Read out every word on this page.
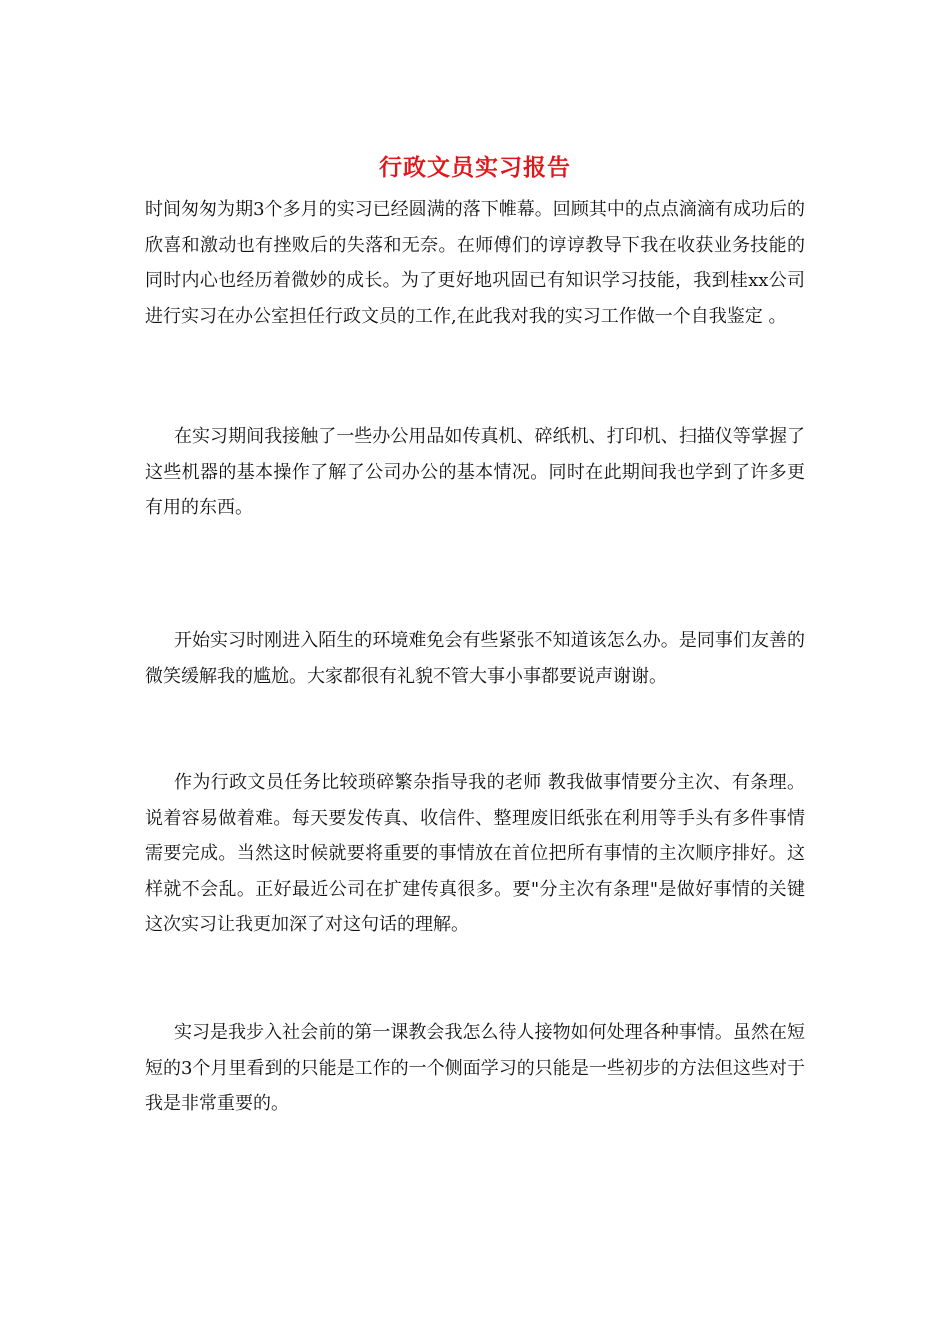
行政文员实习报告

时间匆匆为期3个多月的实习已经圆满的落下帷幕。回顾其中的点点滴滴有成功后的欣喜和激动也有挫败后的失落和无奈。在师傅们的谆谆教导下我在收获业务技能的同时内心也经历着微妙的成长。为了更好地巩固已有知识学习技能，我到桂xx公司进行实习在办公室担任行政文员的工作,在此我对我的实习工作做一个自我鉴定 。

在实习期间我接触了一些办公用品如传真机、碎纸机、打印机、扫描仪等掌握了这些机器的基本操作了解了公司办公的基本情况。同时在此期间我也学到了许多更有用的东西。

开始实习时刚进入陌生的环境难免会有些紧张不知道该怎么办。是同事们友善的微笑缓解我的尴尬。大家都很有礼貌不管大事小事都要说声谢谢。

作为行政文员任务比较琐碎繁杂指导我的老师 教我做事情要分主次、有条理。说着容易做着难。每天要发传真、收信件、整理废旧纸张在利用等手头有多件事情需要完成。当然这时候就要将重要的事情放在首位把所有事情的主次顺序排好。这样就不会乱。正好最近公司在扩建传真很多。要"分主次有条理"是做好事情的关键这次实习让我更加深了对这句话的理解。

实习是我步入社会前的第一课教会我怎么待人接物如何处理各种事情。虽然在短短的3个月里看到的只能是工作的一个侧面学习的只能是一些初步的方法但这些对于我是非常重要的。
